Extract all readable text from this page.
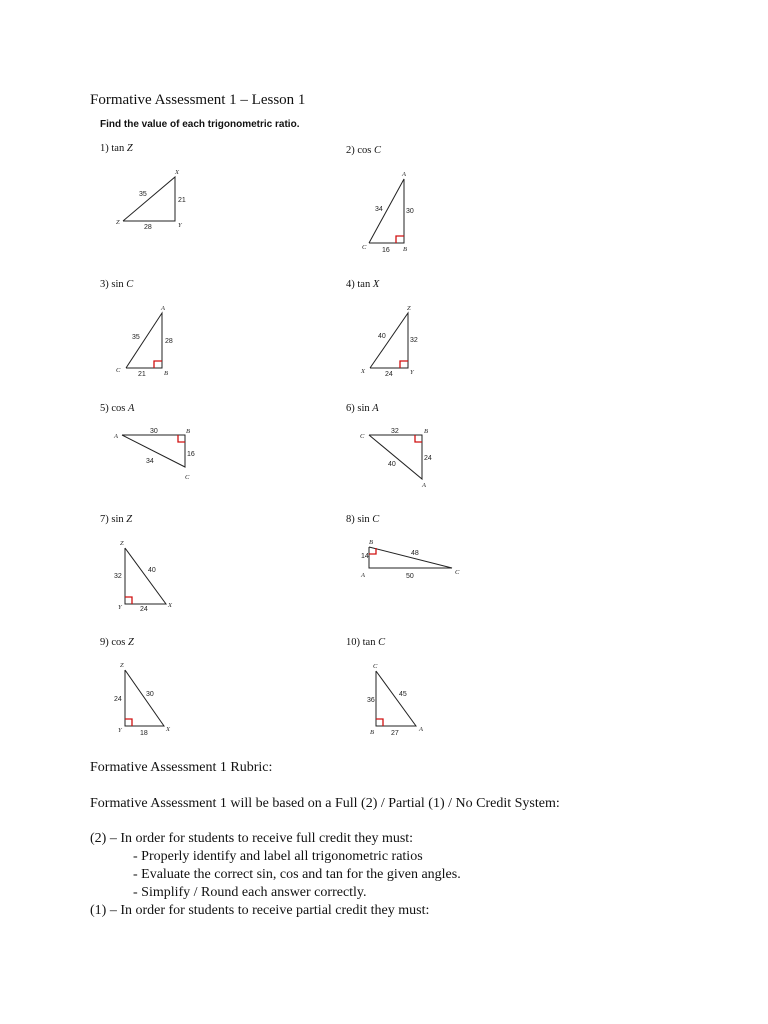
Formative Assessment 1 – Lesson 1
Find the value of each trigonometric ratio.
1) tan Z
X
Z	Y
35
21
28
A
C	B
34	30
16
A
C	B
35
28
21
Z
X	Y
40
32
24
A
B
C
30
34
16
C
B
A
32
40
24
Z
Y	X
32
40
24
B
A	C
14	48
50
Z
Y	X
24
30
18
C
B	A
36
45
27
2) cos C
3) sin C	4) tan X
5) cos A	6) sin A
7) sin Z	8) sin C
9) cos Z	10) tan C
Formative Assessment 1 Rubric:
Formative Assessment 1 will be based on a Full (2) / Partial (1) / No Credit System:
(2) – In order for students to receive full credit they must:
- Properly identify and label all trigonometric ratios
- Evaluate the correct sin, cos and tan for the given angles.
- Simplify / Round each answer correctly.
(1) – In order for students to receive partial credit they must:
